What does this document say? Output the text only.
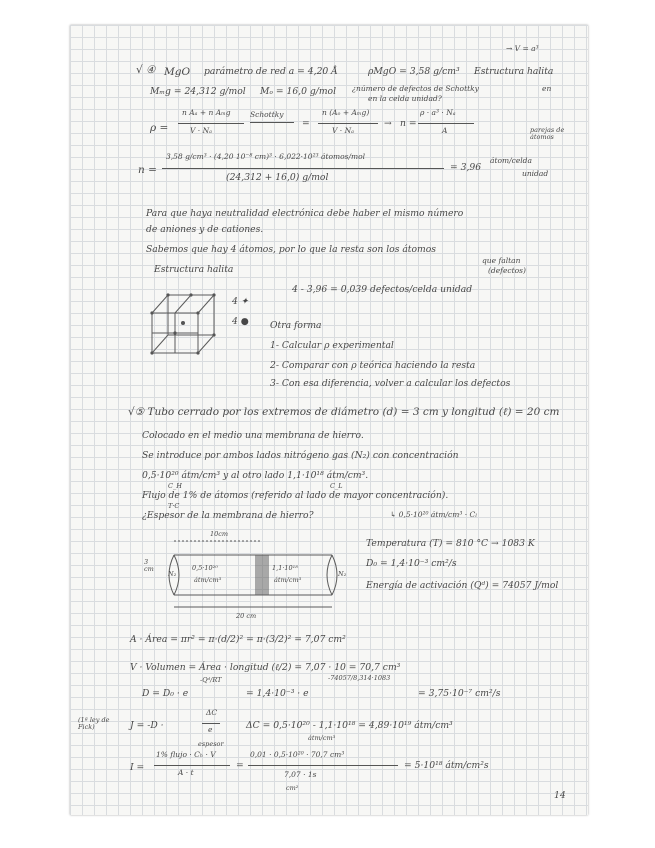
√ ④ MgO parámetro de red a = 4,20 Å	ρMgO = 3,58 g/cm³ Estructura halita
→ V = a³
Mₘg = 24,312 g/mol Mₒ = 16,0 g/mol ¿número de defectos de Schottky
en la celda unidad?
en
ρ =
n Aₐ + n Aₘg
V · Nₐ
Schottky
=
n (Aₒ + Aₘg)
V · Nₐ
→ n =
ρ · a³ · Nₐ
A	parejas de átomos
n =
3,58 g/cm³ · (4,20 10⁻⁸ cm)³ · 6,022·10²³ átomos/mol
(24,312 + 16,0) g/mol
= 3,96
átom/celda
unidad
Para que haya neutralidad electrónica debe haber el mismo número
de aniones y de cationes.
Sabemos que hay 4 átomos, por lo que la resta son los átomos
que faltan
(defectos)
Estructura halita
4 ✦
4 ●
4 - 3,96 = 0,039 defectos/celda unidad
Otra forma
1- Calcular ρ experimental
2- Comparar con ρ teórica haciendo la resta
3- Con esa diferencia, volver a calcular los defectos
√⑤ Tubo cerrado por los extremos de diámetro (d) = 3 cm y longitud (ℓ) = 20 cm
Colocado en el medio una membrana de hierro.
Se introduce por ambos lados nitrógeno gas (N₂) con concentración
0,5·10²⁰ átm/cm³ y al otro lado 1,1·10¹⁸ átm/cm³.
C_H	C_L
Flujo de 1% de átomos (referido al lado de mayor concentración).
T·C
¿Espesor de la membrana de hierro?	↳ 0,5·10²⁰ átm/cm³ · Cₗ
10cm
3 cm
N₂	N₂
0,5·10²⁰
átm/cm³
1,1·10¹⁸
átm/cm³
20 cm
Temperatura (T) = 810 °C → 1083 K
D₀ = 1,4·10⁻³ cm²/s
Energía de activación (Qᵈ) = 74057 J/mol
A · Área = πr² = π·(d/2)² = π·(3/2)² = 7,07 cm²
V · Volumen = Área · longitud (ℓ/2) = 7,07 · 10 = 70,7 cm³
D = D₀ · e
-Qᵈ/RT
= 1,4·10⁻³ · e
-74057/8,314·1083
= 3,75·10⁻⁷ cm²/s
(1ª ley de Fick)	J = -D ·
ΔC
e
espesor
ΔC = 0,5·10²⁰ - 1,1·10¹⁸ = 4,89·10¹⁹ átm/cm³
átm/cm³
I =
1% flujo · Cₕ · V
A · t
=
0,01 · 0,5·10²⁰ · 70,7 cm³
7,07 · 1s
cm²
= 5·10¹⁸ átm/cm²s
14
